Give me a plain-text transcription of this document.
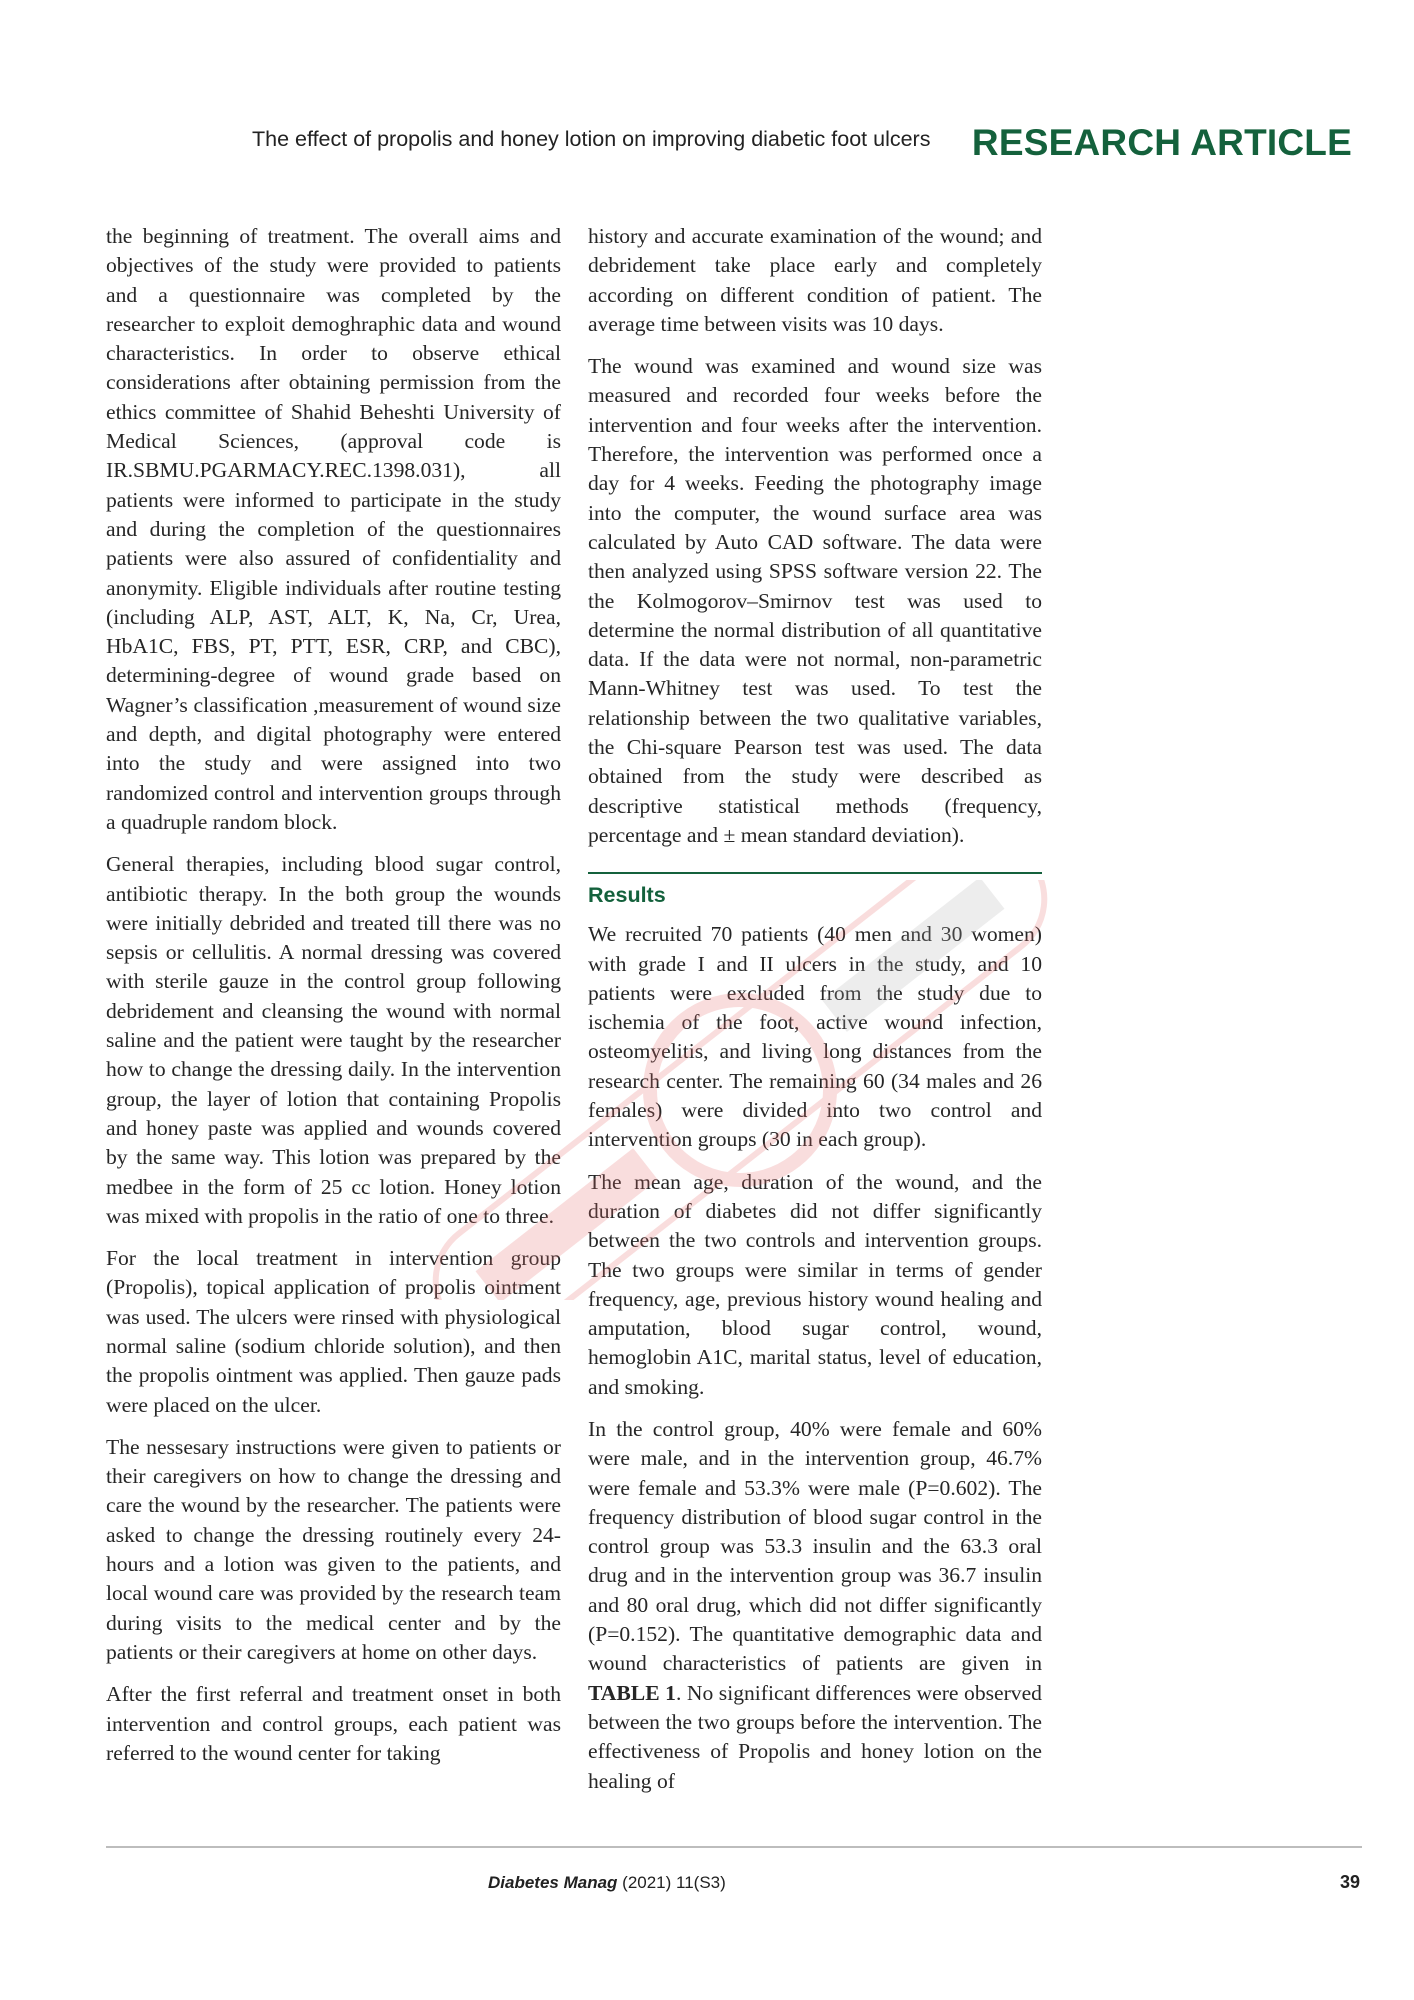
The effect of propolis and honey lotion on improving diabetic foot ulcers RESEARCH ARTICLE

the beginning of treatment. The overall aims and objectives of the study were provided to patients and a questionnaire was completed by the researcher to exploit demoghraphic data and wound characteristics. In order to observe ethical considerations after obtaining permission from the ethics committee of Shahid Beheshti University of Medical Sciences, (approval code is IR.SBMU.PGARMACY.REC.1398.031), all patients were informed to participate in the study and during the completion of the questionnaires patients were also assured of confidentiality and anonymity. Eligible individuals after routine testing (including ALP, AST, ALT, K, Na, Cr, Urea, HbA1C, FBS, PT, PTT, ESR, CRP, and CBC), determining-degree of wound grade based on Wagner’s classification ,measurement of wound size and depth, and digital photography were entered into the study and were assigned into two randomized control and intervention groups through a quadruple random block.

General therapies, including blood sugar control, antibiotic therapy. In the both group the wounds were initially debrided and treated till there was no sepsis or cellulitis. A normal dressing was covered with sterile gauze in the control group following debridement and cleansing the wound with normal saline and the patient were taught by the researcher how to change the dressing daily. In the intervention group, the layer of lotion that containing Propolis and honey paste was applied and wounds covered by the same way. This lotion was prepared by the medbee in the form of 25 cc lotion. Honey lotion was mixed with propolis in the ratio of one to three.

For the local treatment in intervention group (Propolis), topical application of propolis ointment was used. The ulcers were rinsed with physiological normal saline (sodium chloride solution), and then the propolis ointment was applied. Then gauze pads were placed on the ulcer.

The nessesary instructions were given to patients or their caregivers on how to change the dressing and care the wound by the researcher. The patients were asked to change the dressing routinely every 24-hours and a lotion was given to the patients, and local wound care was provided by the research team during visits to the medical center and by the patients or their caregivers at home on other days.

After the first referral and treatment onset in both intervention and control groups, each patient was referred to the wound center for taking

history and accurate examination of the wound; and debridement take place early and completely according on different condition of patient. The average time between visits was 10 days.

The wound was examined and wound size was measured and recorded four weeks before the intervention and four weeks after the intervention. Therefore, the intervention was performed once a day for 4 weeks. Feeding the photography image into the computer, the wound surface area was calculated by Auto CAD software. The data were then analyzed using SPSS software version 22. The the Kolmogorov–Smirnov test was used to determine the normal distribution of all quantitative data. If the data were not normal, non-parametric Mann-Whitney test was used. To test the relationship between the two qualitative variables, the Chi-square Pearson test was used. The data obtained from the study were described as descriptive statistical methods (frequency, percentage and ± mean standard deviation).

Results

We recruited 70 patients (40 men and 30 women) with grade I and II ulcers in the study, and 10 patients were excluded from the study due to ischemia of the foot, active wound infection, osteomyelitis, and living long distances from the research center. The remaining 60 (34 males and 26 females) were divided into two control and intervention groups (30 in each group).

The mean age, duration of the wound, and the duration of diabetes did not differ significantly between the two controls and intervention groups. The two groups were similar in terms of gender frequency, age, previous history wound healing and amputation, blood sugar control, wound, hemoglobin A1C, marital status, level of education, and smoking.

In the control group, 40% were female and 60% were male, and in the intervention group, 46.7% were female and 53.3% were male (P=0.602). The frequency distribution of blood sugar control in the control group was 53.3 insulin and the 63.3 oral drug and in the intervention group was 36.7 insulin and 80 oral drug, which did not differ significantly (P=0.152). The quantitative demographic data and wound characteristics of patients are given in TABLE 1. No significant differences were observed between the two groups before the intervention. The effectiveness of Propolis and honey lotion on the healing of

Diabetes Manag (2021) 11(S3)	39
